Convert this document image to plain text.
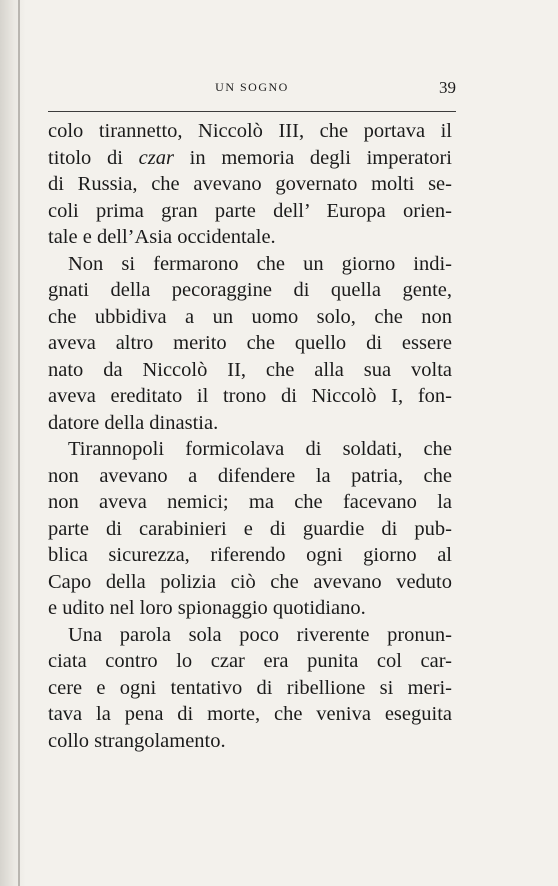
UN SOGNO	39

colo tirannetto, Niccolò III, che portava il
titolo di czar in memoria degli imperatori
di Russia, che avevano governato molti se-
coli prima gran parte dell’ Europa orien-
tale e dell’Asia occidentale.

Non si fermarono che un giorno indi-
gnati della pecoraggine di quella gente,
che ubbidiva a un uomo solo, che non
aveva altro merito che quello di essere
nato da Niccolò II, che alla sua volta
aveva ereditato il trono di Niccolò I, fon-
datore della dinastia.

Tirannopoli formicolava di soldati, che
non avevano a difendere la patria, che
non aveva nemici; ma che facevano la
parte di carabinieri e di guardie di pub-
blica sicurezza, riferendo ogni giorno al
Capo della polizia ciò che avevano veduto
e udito nel loro spionaggio quotidiano.

Una parola sola poco riverente pronun-
ciata contro lo czar era punita col car-
cere e ogni tentativo di ribellione si meri-
tava la pena di morte, che veniva eseguita
collo strangolamento.
